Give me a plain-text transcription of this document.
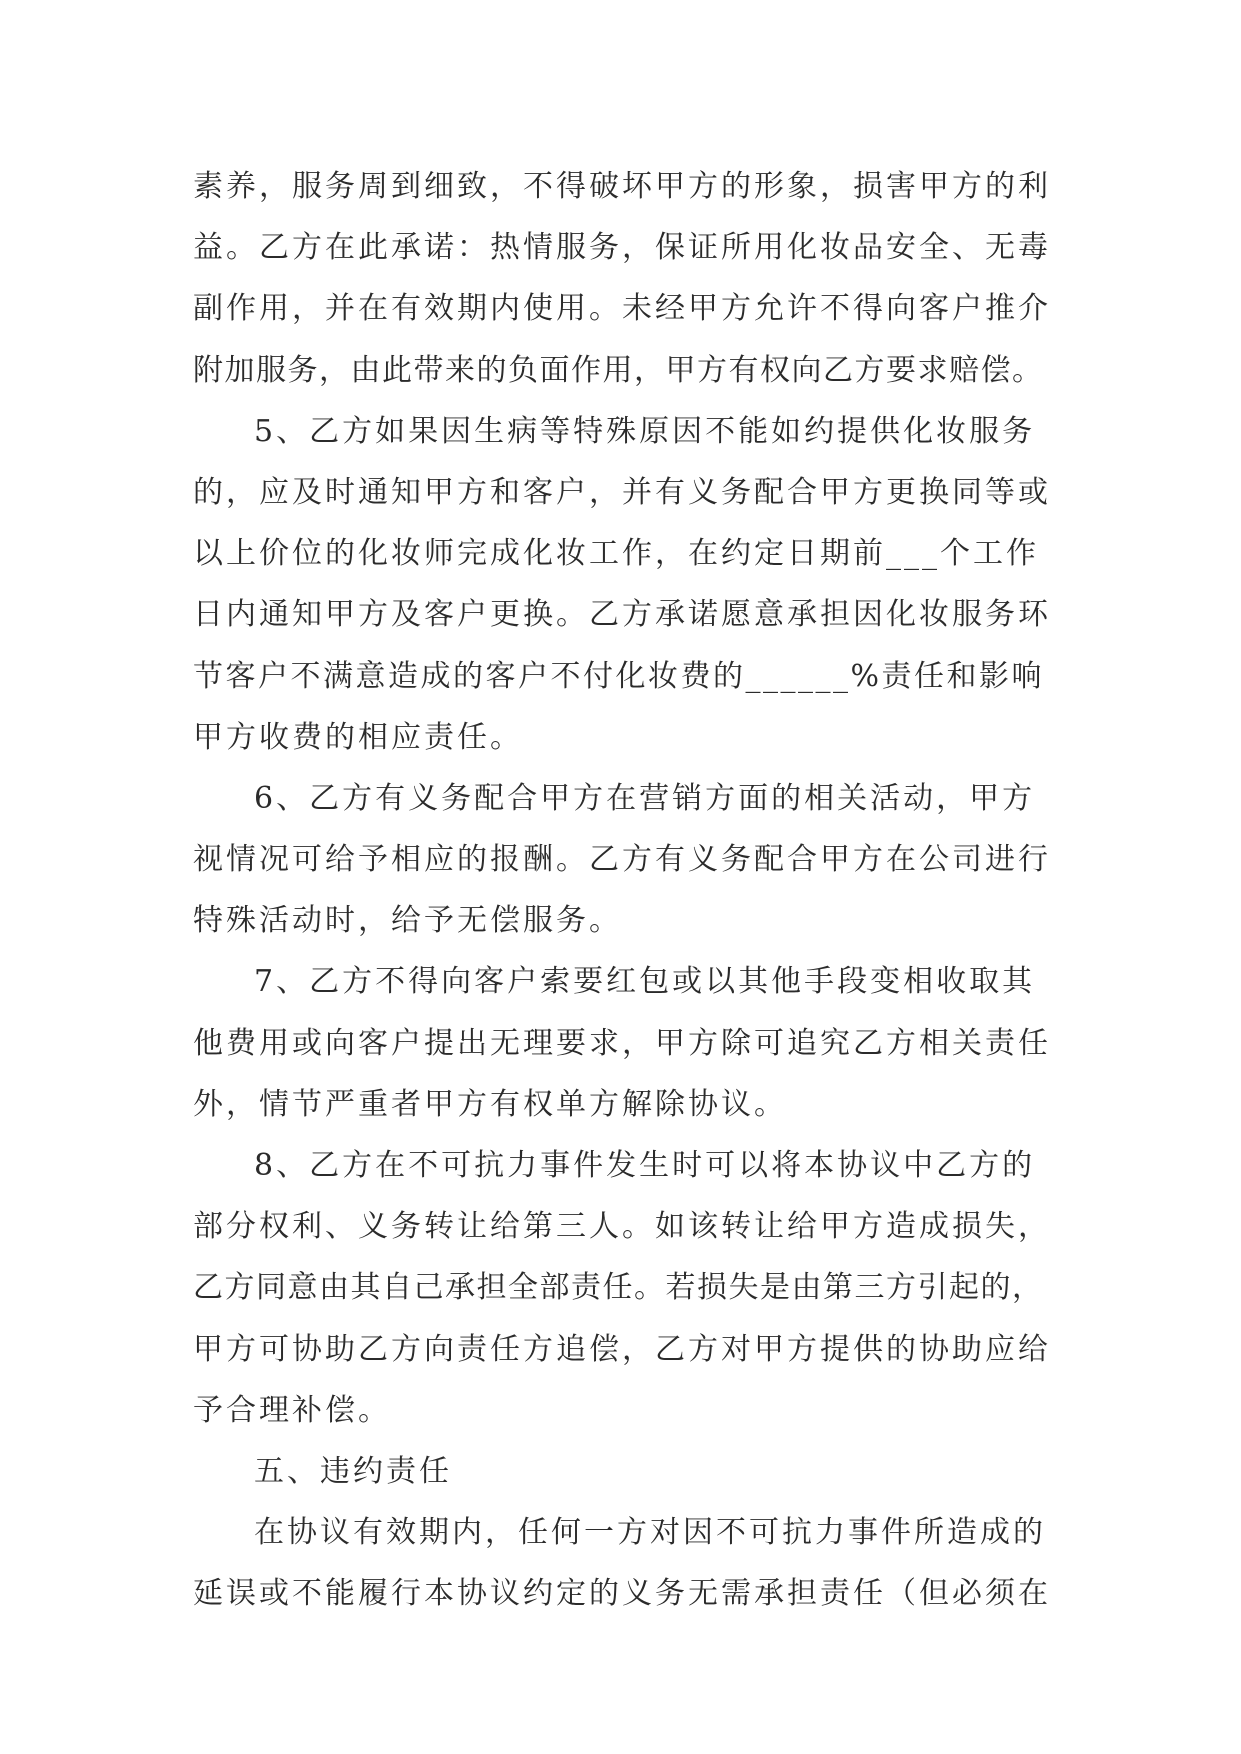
素养，服务周到细致，不得破坏甲方的形象，损害甲方的利
益。乙方在此承诺：热情服务，保证所用化妆品安全、无毒
副作用，并在有效期内使用。未经甲方允许不得向客户推介
附加服务，由此带来的负面作用，甲方有权向乙方要求赔偿。
5、乙方如果因生病等特殊原因不能如约提供化妆服务
的，应及时通知甲方和客户，并有义务配合甲方更换同等或
以上价位的化妆师完成化妆工作，在约定日期前___个工作
日内通知甲方及客户更换。乙方承诺愿意承担因化妆服务环
节客户不满意造成的客户不付化妆费的______%责任和影响
甲方收费的相应责任。
6、乙方有义务配合甲方在营销方面的相关活动，甲方
视情况可给予相应的报酬。乙方有义务配合甲方在公司进行
特殊活动时，给予无偿服务。
7、乙方不得向客户索要红包或以其他手段变相收取其
他费用或向客户提出无理要求，甲方除可追究乙方相关责任
外，情节严重者甲方有权单方解除协议。
8、乙方在不可抗力事件发生时可以将本协议中乙方的
部分权利、义务转让给第三人。如该转让给甲方造成损失，
乙方同意由其自己承担全部责任。若损失是由第三方引起的，
甲方可协助乙方向责任方追偿，乙方对甲方提供的协助应给
予合理补偿。
五、违约责任
在协议有效期内，任何一方对因不可抗力事件所造成的
延误或不能履行本协议约定的义务无需承担责任（但必须在
